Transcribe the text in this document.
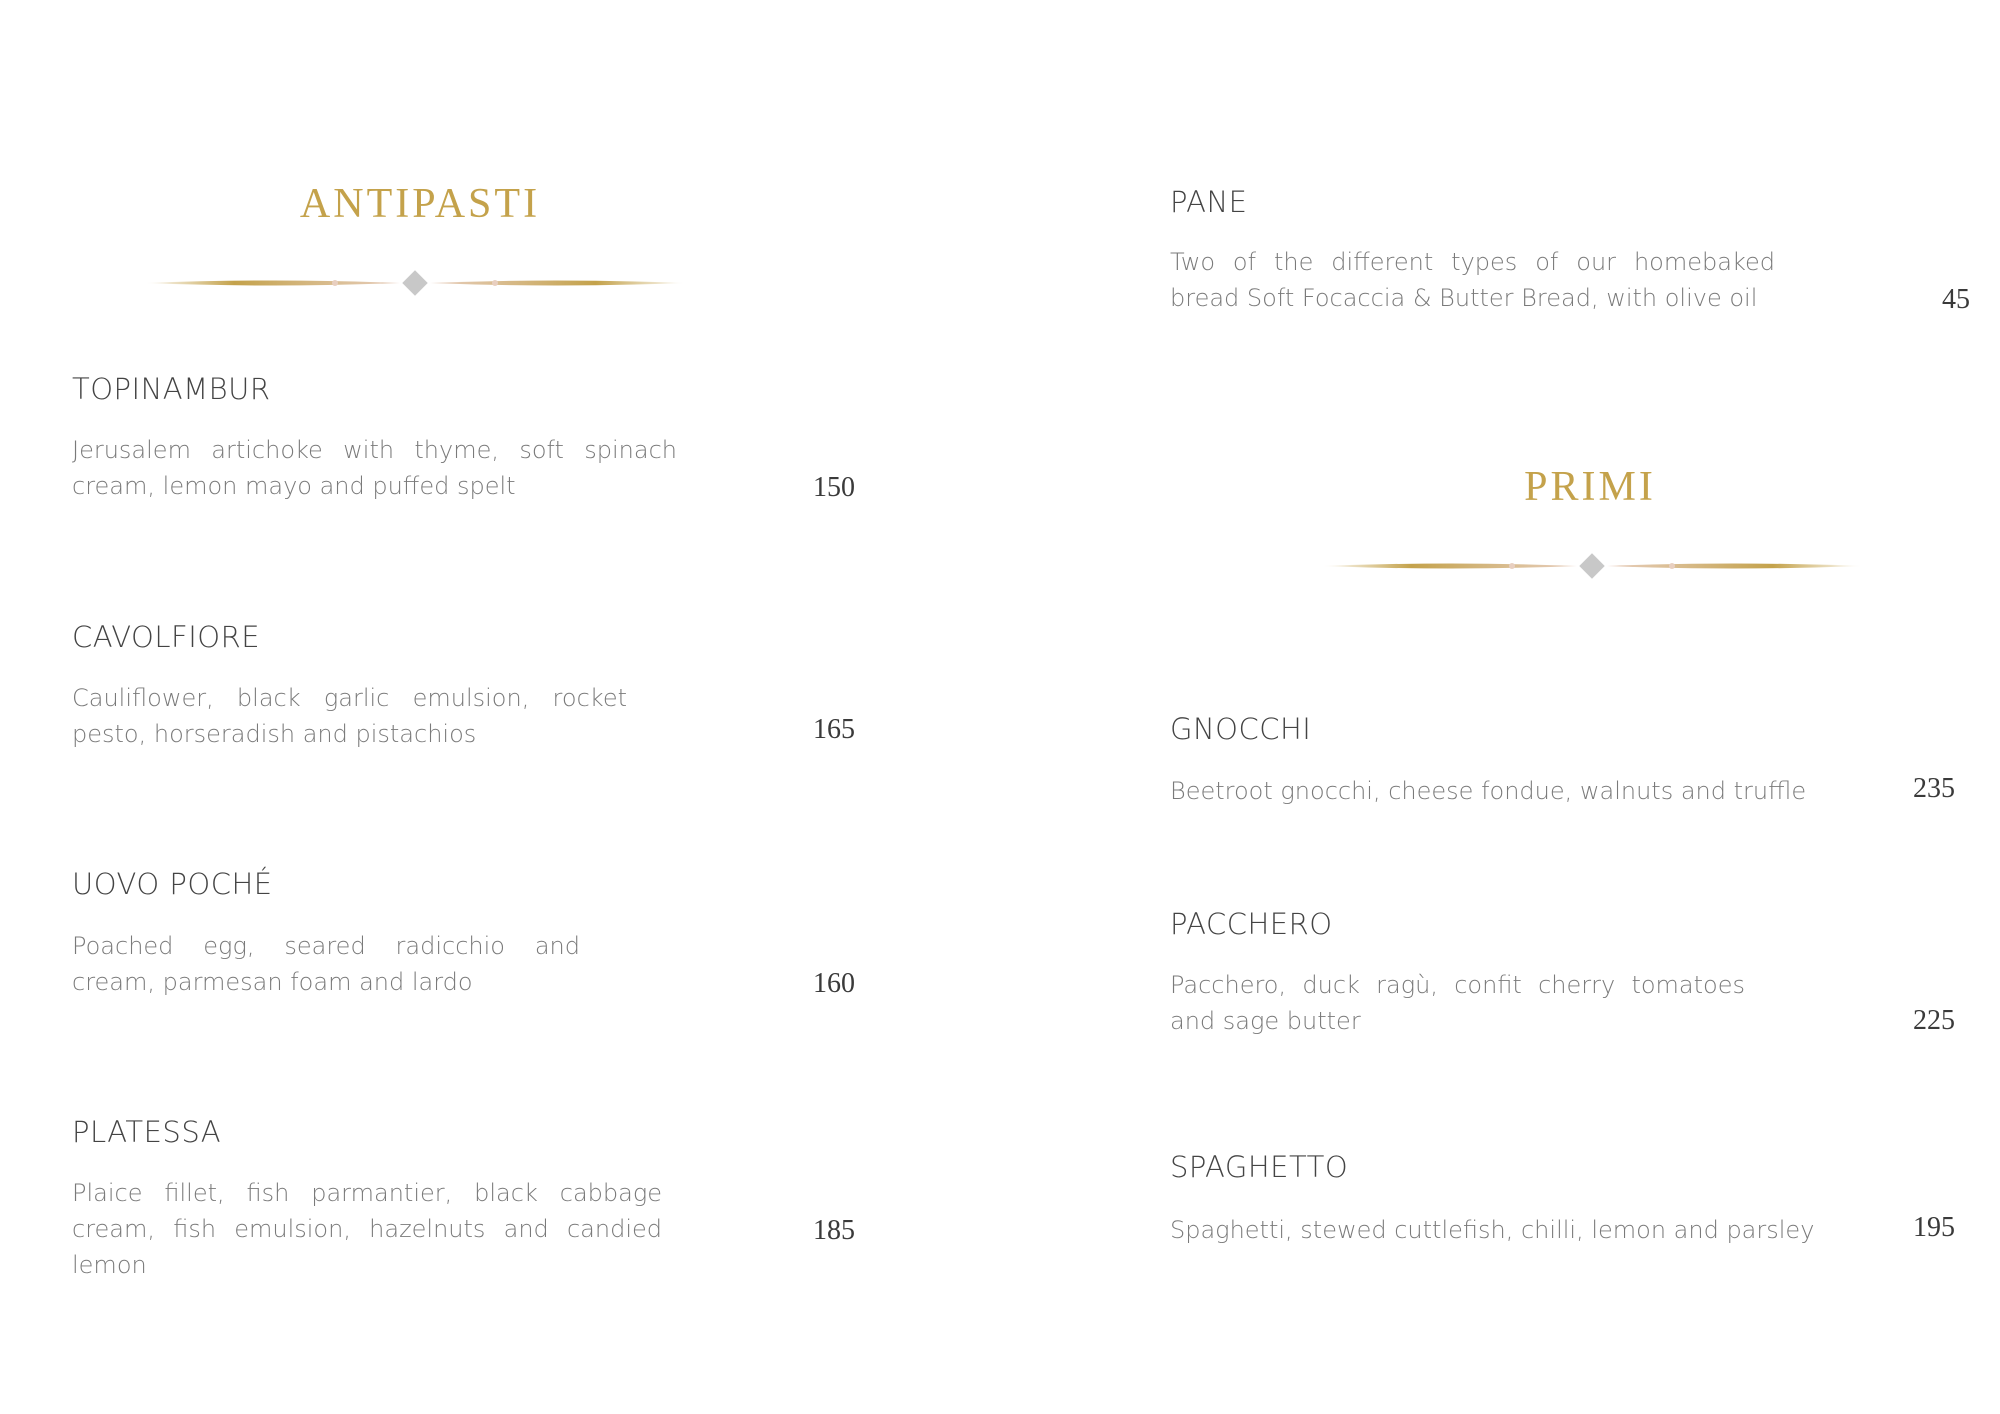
ANTIPASTI
TOPINAMBUR
Jerusalem artichoke with thyme, soft spinach cream, lemon mayo and puffed spelt	150
CAVOLFIORE
Cauliflower, black garlic emulsion, rocket pesto, horseradish and pistachios	165
UOVO POCHÉ
Poached egg, seared radicchio and cream, parmesan foam and lardo	160
PLATESSA
Plaice fillet, fish parmantier, black cabbage cream, fish emulsion, hazelnuts and candied lemon
185
PANE
Two of the different types of our homebaked bread Soft Focaccia & Butter Bread, with olive oil	45
PRIMI
GNOCCHI
Beetroot gnocchi, cheese fondue, walnuts and truffle	235
PACCHERO
Pacchero, duck ragù, confit cherry tomatoes and sage butter	225
SPAGHETTO
Spaghetti, stewed cuttlefish, chilli, lemon and parsley	195
